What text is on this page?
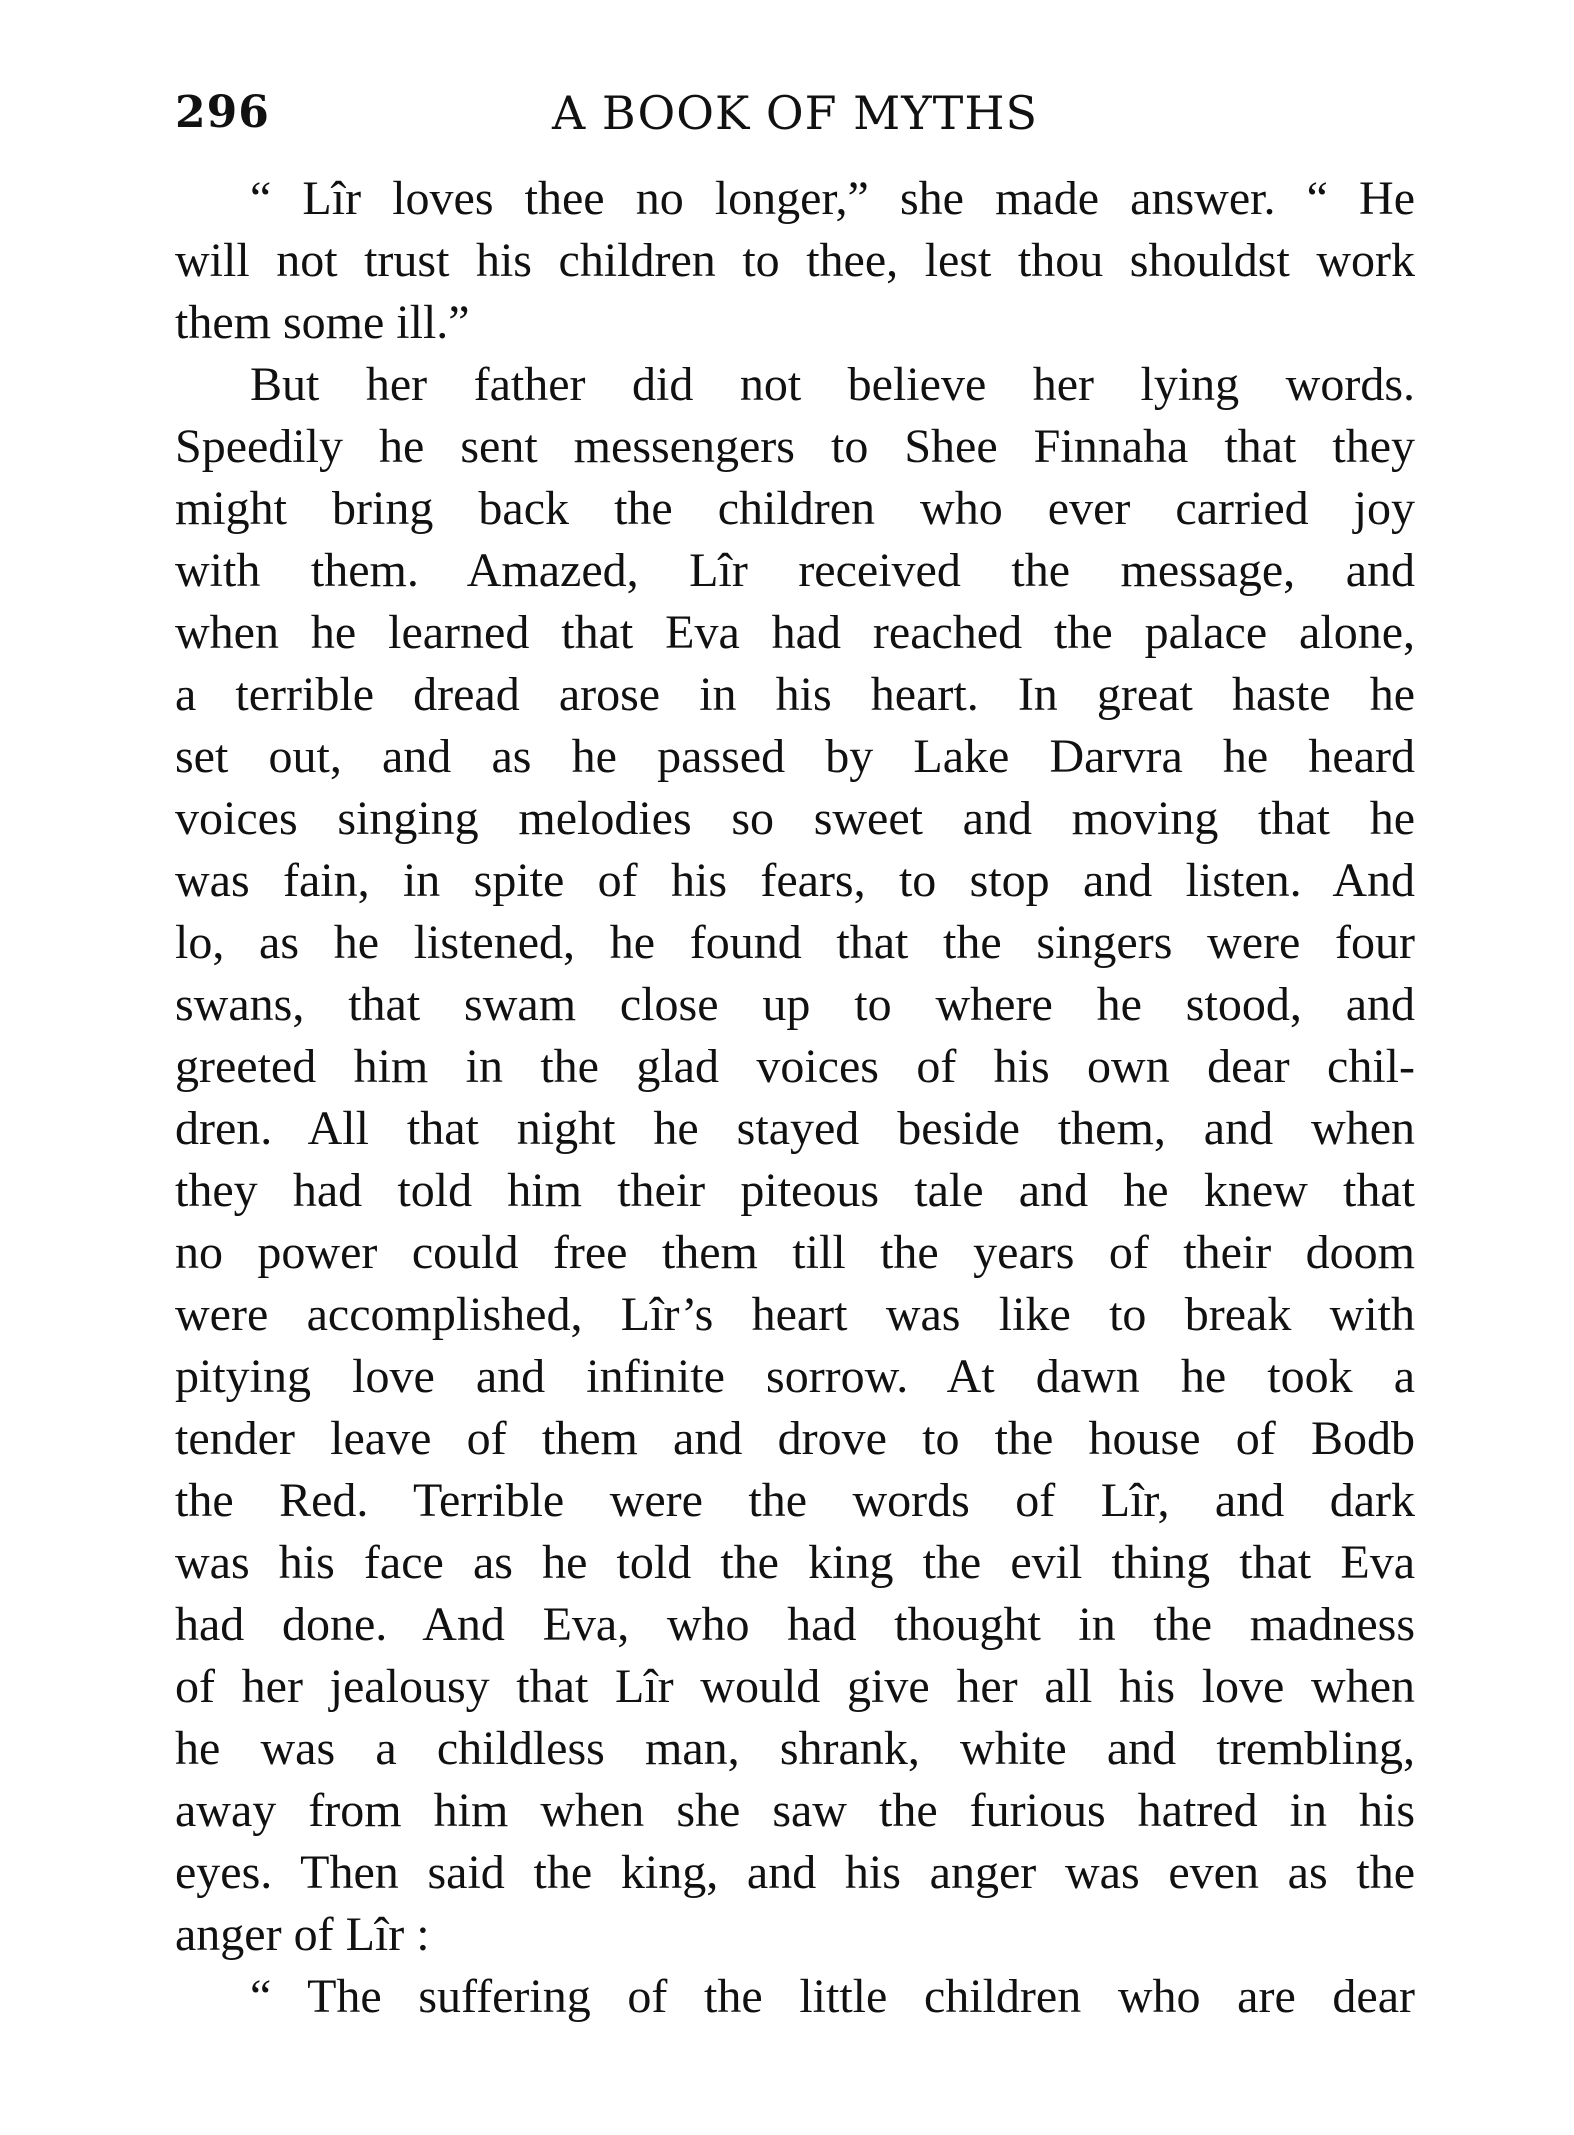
296	A BOOK OF MYTHS
“ Lîr loves thee no longer,” she made answer. “ He
will not trust his children to thee, lest thou shouldst work
them some ill.”
But her father did not believe her lying words.
Speedily he sent messengers to Shee Finnaha that they
might bring back the children who ever carried joy
with them. Amazed, Lîr received the message, and
when he learned that Eva had reached the palace alone,
a terrible dread arose in his heart. In great haste he
set out, and as he passed by Lake Darvra he heard
voices singing melodies so sweet and moving that he
was fain, in spite of his fears, to stop and listen. And
lo, as he listened, he found that the singers were four
swans, that swam close up to where he stood, and
greeted him in the glad voices of his own dear chil-
dren. All that night he stayed beside them, and when
they had told him their piteous tale and he knew that
no power could free them till the years of their doom
were accomplished, Lîr’s heart was like to break with
pitying love and infinite sorrow. At dawn he took a
tender leave of them and drove to the house of Bodb
the Red. Terrible were the words of Lîr, and dark
was his face as he told the king the evil thing that Eva
had done. And Eva, who had thought in the madness
of her jealousy that Lîr would give her all his love when
he was a childless man, shrank, white and trembling,
away from him when she saw the furious hatred in his
eyes. Then said the king, and his anger was even as the
anger of Lîr :
“ The suffering of the little children who are dear
